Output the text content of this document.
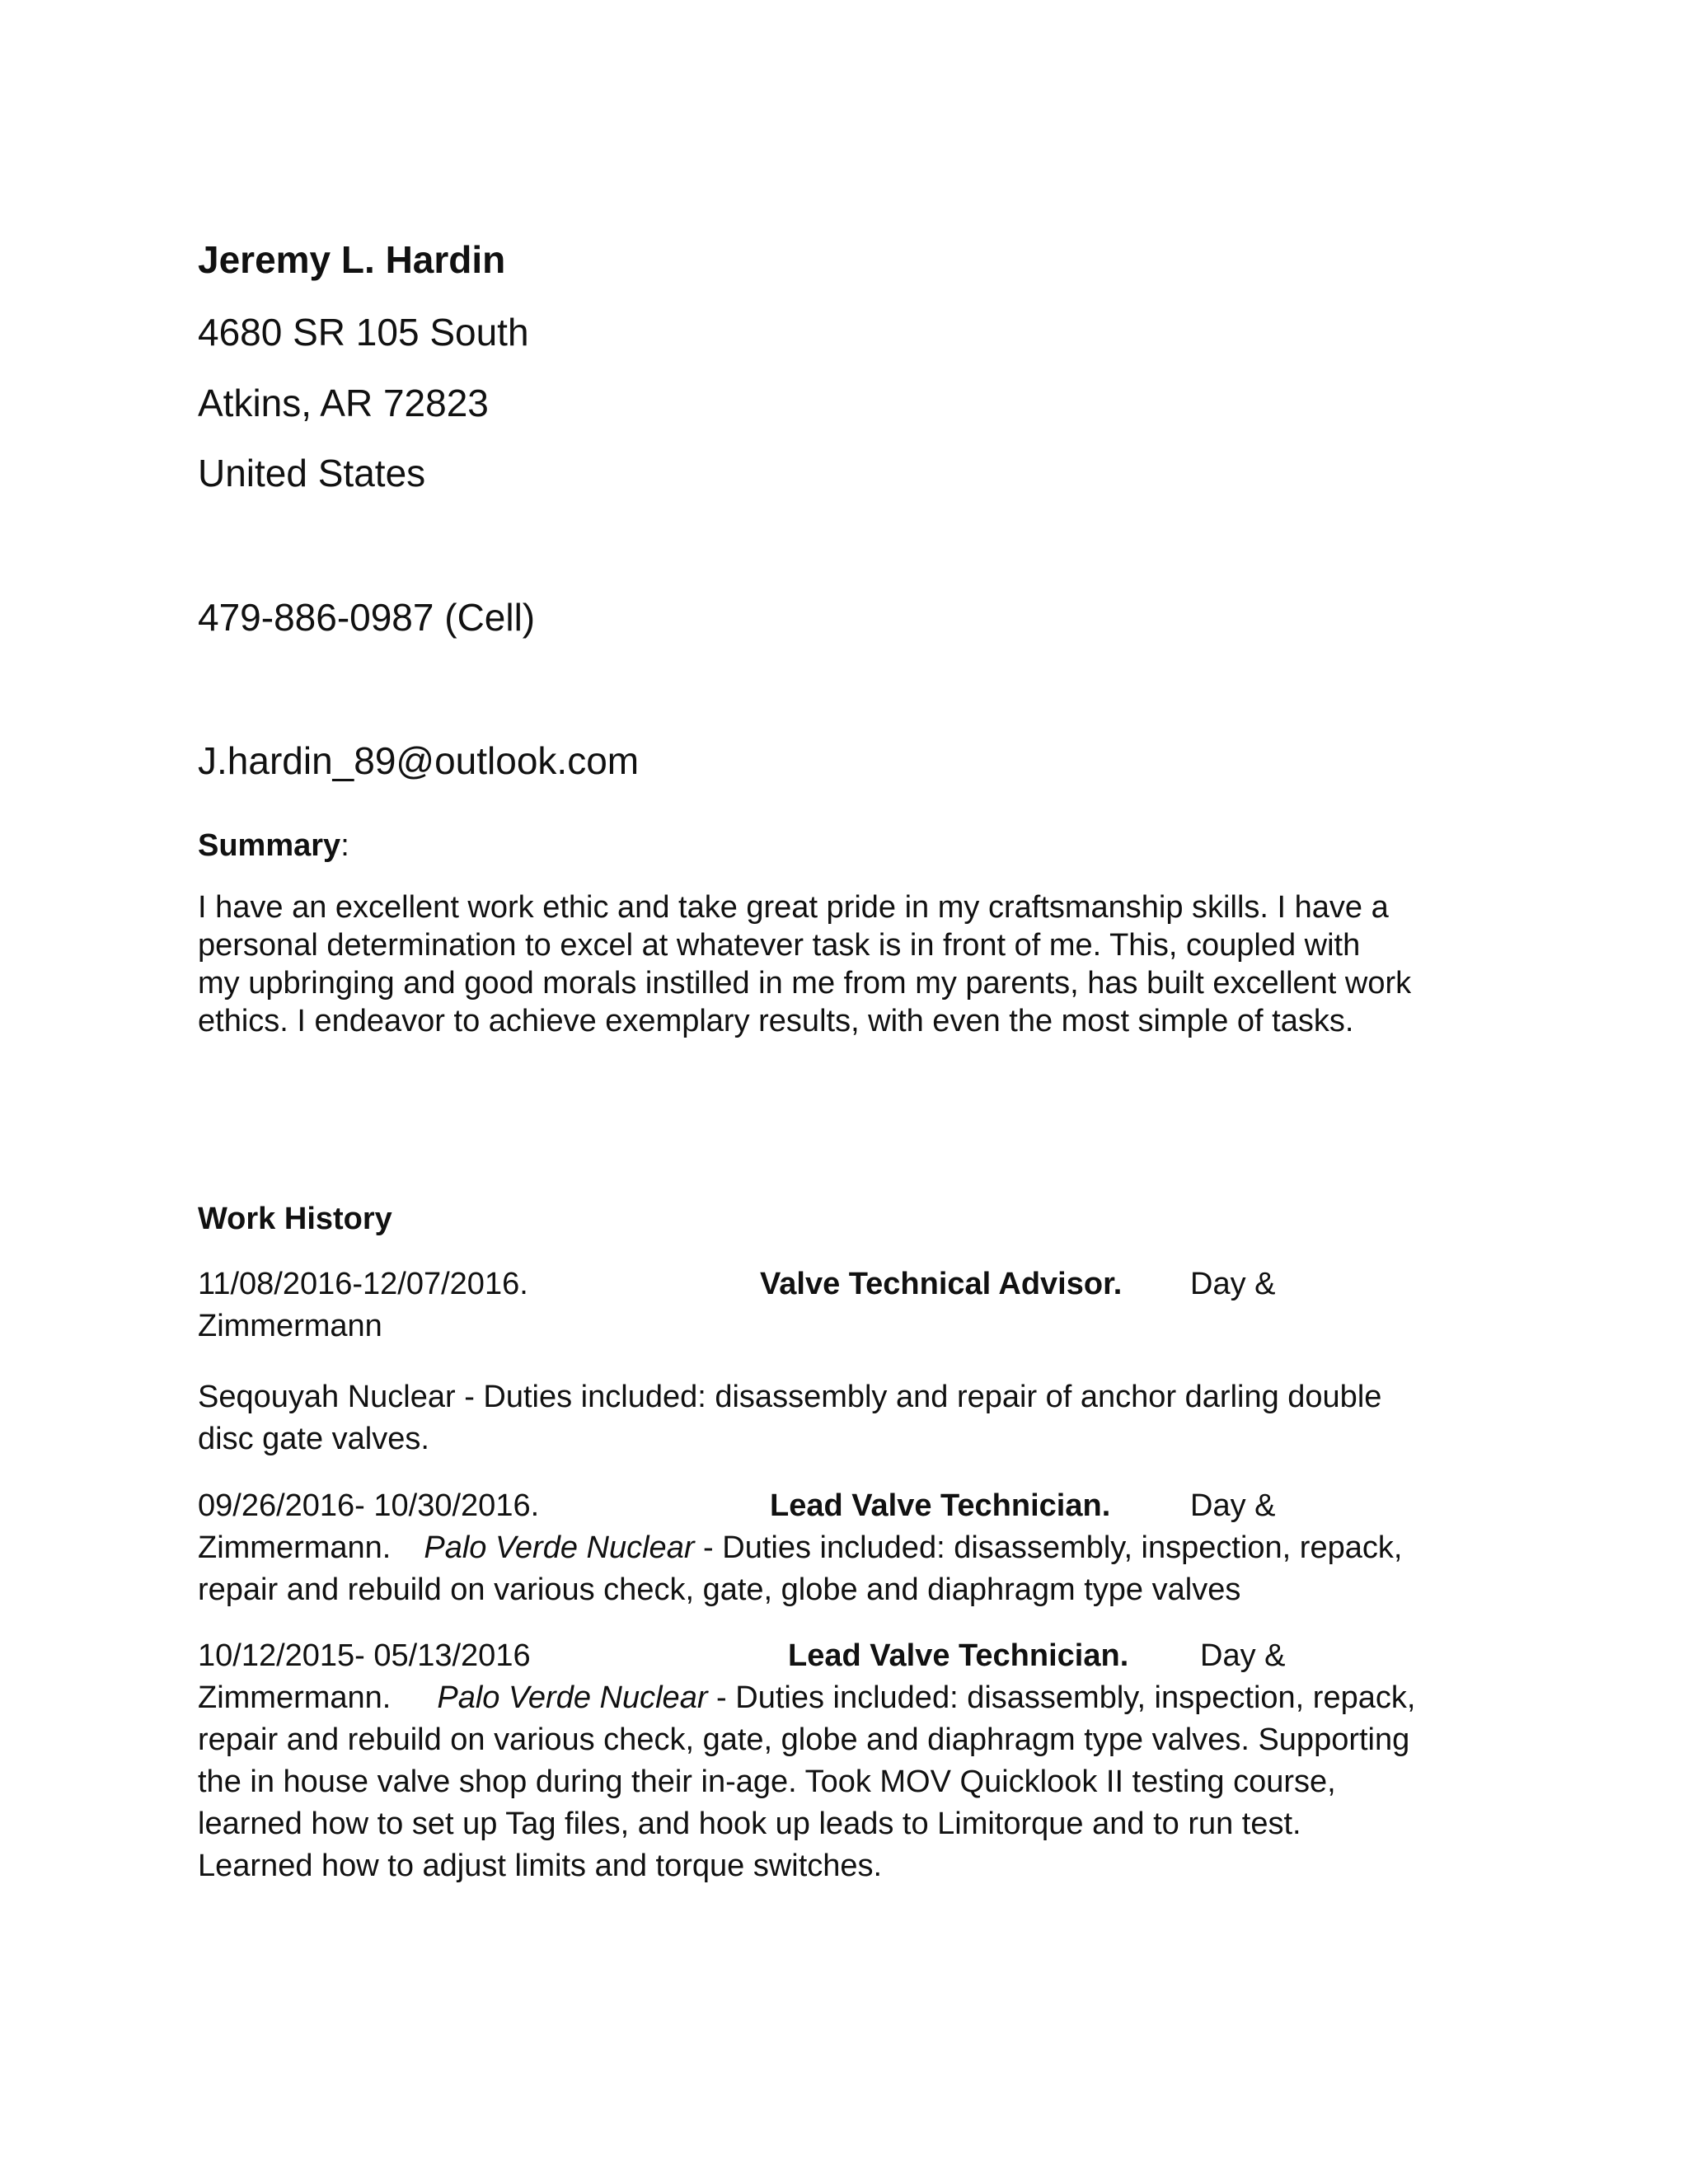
Jeremy L. Hardin
4680 SR 105 South
Atkins, AR 72823
United States
479-886-0987 (Cell)
J.hardin_89@outlook.com
Summary:
I have an excellent work ethic and take great pride in my craftsmanship skills. I have a
personal determination to excel at whatever task is in front of me. This, coupled with
my upbringing and good morals instilled in me from my parents, has built excellent work
ethics. I endeavor to achieve exemplary results, with even the most simple of tasks.
Work History
11/08/2016-12/07/2016.	Valve Technical Advisor. Day &
Zimmermann
Seqouyah Nuclear - Duties included: disassembly and repair of anchor darling double
disc gate valves.
09/26/2016- 10/30/2016.	Lead Valve Technician.	Day &
Zimmermann. Palo Verde Nuclear - Duties included: disassembly, inspection, repack,
repair and rebuild on various check, gate, globe and diaphragm type valves
10/12/2015- 05/13/2016	Lead Valve Technician. Day &
Zimmermann. Palo Verde Nuclear - Duties included: disassembly, inspection, repack,
repair and rebuild on various check, gate, globe and diaphragm type valves. Supporting
the in house valve shop during their in-age. Took MOV Quicklook II testing course,
learned how to set up Tag files, and hook up leads to Limitorque and to run test.
Learned how to adjust limits and torque switches.
